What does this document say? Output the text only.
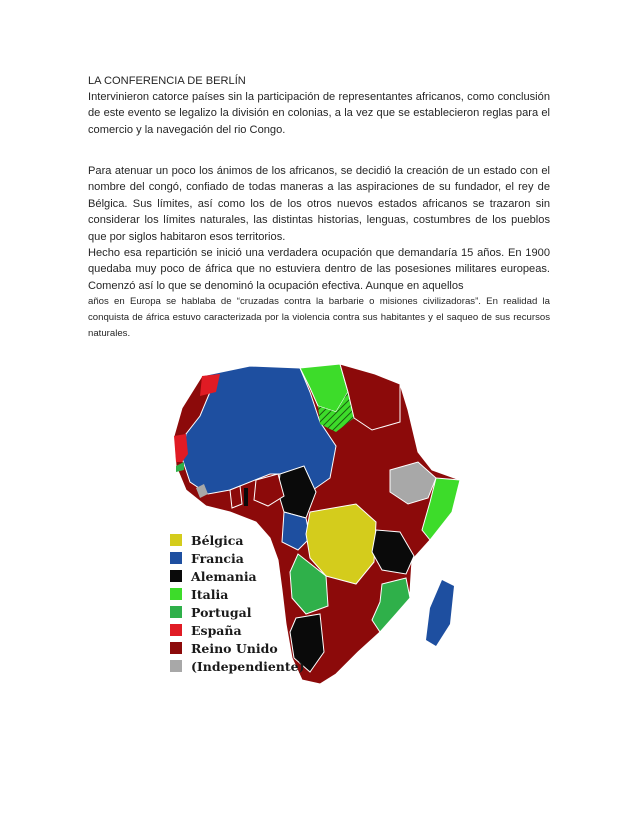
LA CONFERENCIA DE BERLÍN

Intervinieron catorce países sin la participación de representantes africanos, como conclusión de este evento se legalizo la división en colonias, a la vez que se establecieron reglas para el comercio y la navegación del rio Congo.

Para atenuar un poco los ánimos de los africanos, se decidió la creación de un estado con el nombre del congó, confiado de todas maneras a las aspiraciones de su fundador, el rey de Bélgica. Sus límites, así como los de los otros nuevos estados africanos se trazaron sin considerar los límites naturales, las distintas historias, lenguas, costumbres de los pueblos que por siglos habitaron esos territorios.

Hecho esa repartición se inició una verdadera ocupación que demandaría 15 años. En 1900 quedaba muy poco de áfrica que no estuviera dentro de las posesiones militares europeas. Comenzó así lo que se denominó la ocupación efectiva. Aunque en aquellos

años en Europa se hablaba de “cruzadas contra la barbarie o misiones civilizadoras”. En realidad la conquista de áfrica estuvo caracterizada por la violencia contra sus habitantes y el saqueo de sus recursos naturales.

Bélgica
Francia
Alemania
Italia
Portugal
España
Reino Unido
(Independiente)
